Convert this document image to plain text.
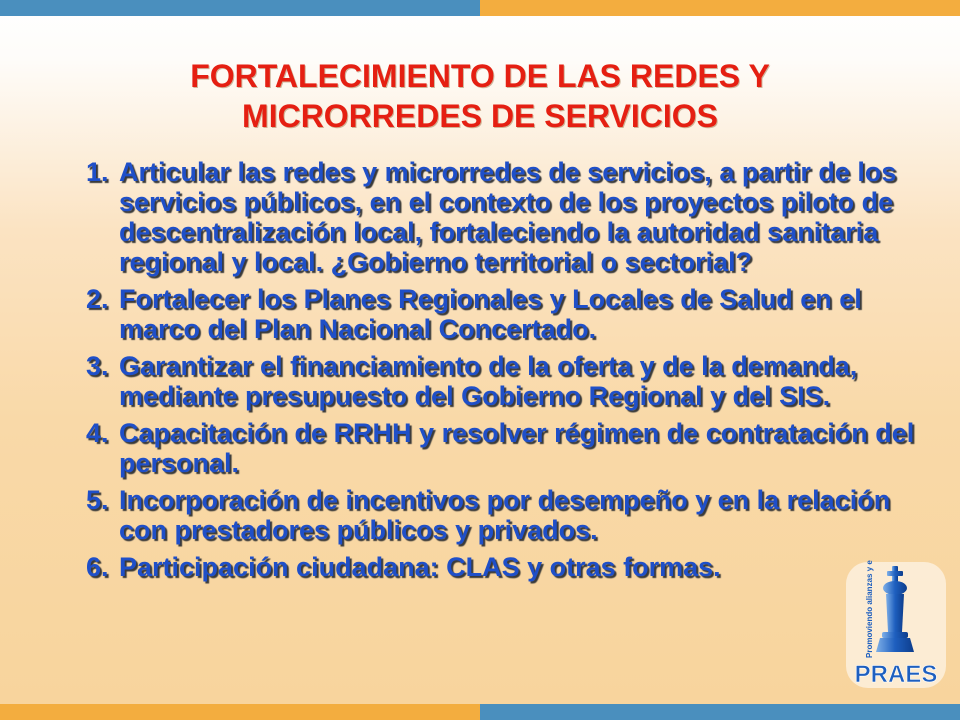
FORTALECIMIENTO DE LAS REDES Y
MICRORREDES DE SERVICIOS
1. Articular las redes y microrredes de servicios, a partir de los servicios públicos, en el contexto de los proyectos piloto de descentralización local, fortaleciendo la autoridad sanitaria regional y local. ¿Gobierno territorial o sectorial?
2. Fortalecer los Planes Regionales y Locales de Salud en el marco del Plan Nacional Concertado.
3. Garantizar el financiamiento de la oferta y de la demanda, mediante presupuesto del Gobierno Regional y del SIS.
4. Capacitación de RRHH y resolver régimen de contratación del personal.
5. Incorporación de incentivos por desempeño y en la relación con prestadores públicos y privados.
6. Participación ciudadana: CLAS y otras formas.	Promoviendo alianzas y estrategias
PRAES
